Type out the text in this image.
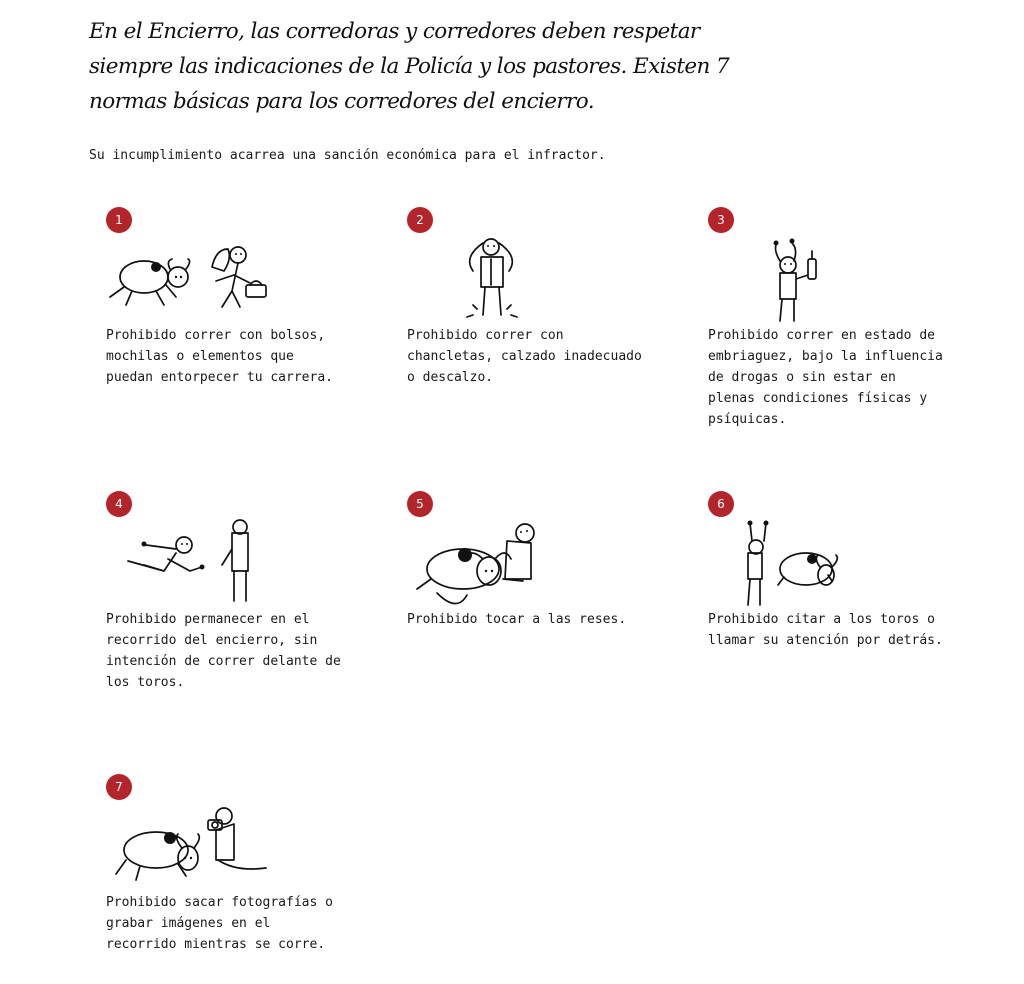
En el Encierro, las corredoras y corredores deben respetar siempre las indicaciones de la Policía y los pastores. Existen 7 normas básicas para los corredores del encierro.
Su incumplimiento acarrea una sanción económica para el infractor.
1
Prohibido correr con bolsos, mochilas o elementos que puedan entorpecer tu carrera.
2
Prohibido correr con chancletas, calzado inadecuado o descalzo.
3
Prohibido correr en estado de embriaguez, bajo la influencia de drogas o sin estar en plenas condiciones físicas y psíquicas.
4
Prohibido permanecer en el recorrido del encierro, sin intención de correr delante de los toros.
5
Prohibido tocar a las reses.
6
Prohibido citar a los toros o llamar su atención por detrás.
7
Prohibido sacar fotografías o grabar imágenes en el recorrido mientras se corre.
